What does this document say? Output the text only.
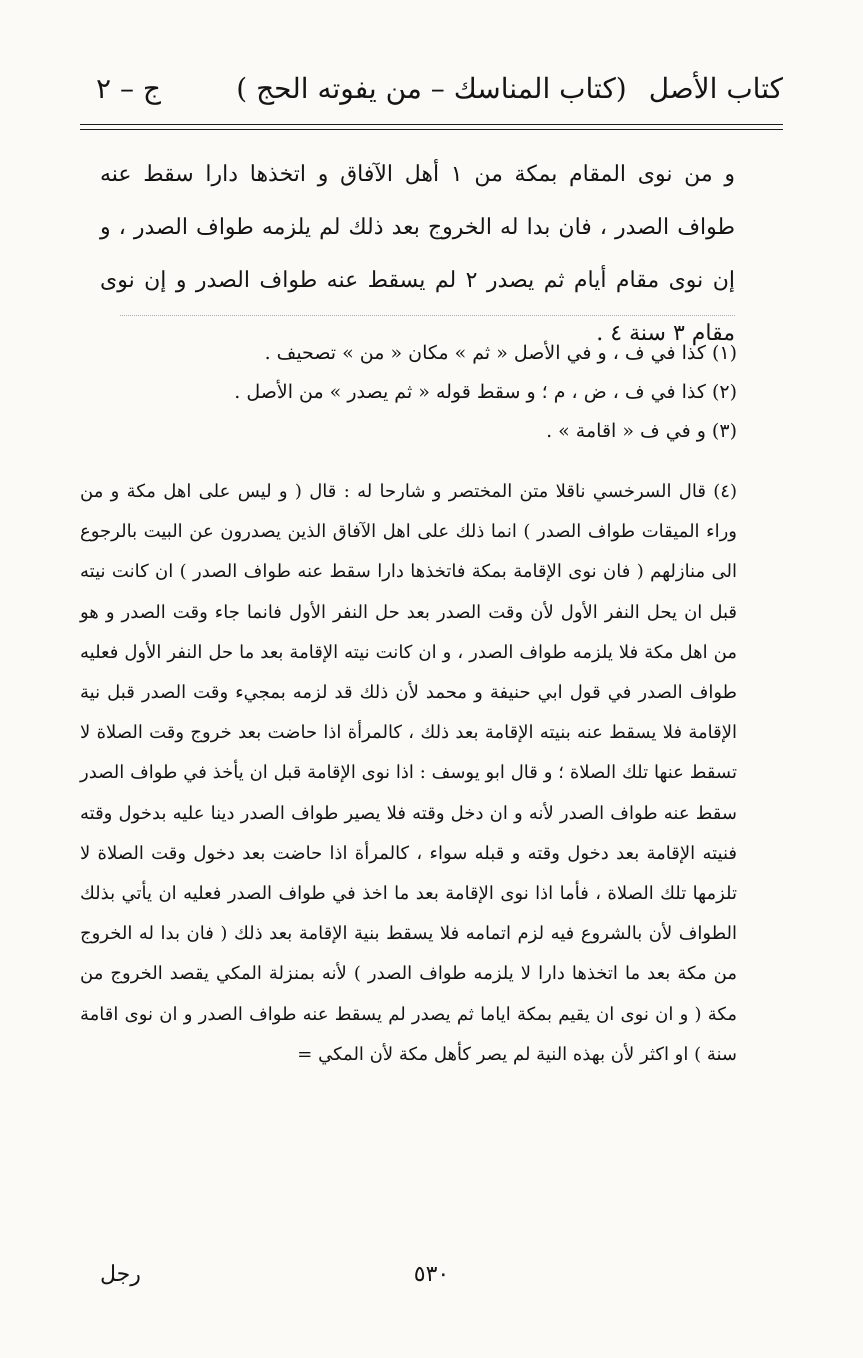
كتاب الأصل
(كتاب المناسك – من يفوته الحج )
ج – ٢

و من نوى المقام بمكة من ١ أهل الآفاق و اتخذها دارا سقط عنه طواف الصدر ، فان بدا له الخروج بعد ذلك لم يلزمه طواف الصدر ، و إن نوى مقام أيام ثم يصدر ٢ لم يسقط عنه طواف الصدر و إن نوى مقام ٣ سنة ٤ .

(١) كذا في ف ، و في الأصل « ثم » مكان « من » تصحيف .

(٢) كذا في ف ، ض ، م ؛ و سقط قوله « ثم يصدر » من الأصل .

(٣) و في ف « اقامة » .

(٤) قال السرخسي ناقلا متن المختصر و شارحا له : قال ( و ليس على اهل مكة و من وراء الميقات طواف الصدر ) انما ذلك على اهل الآفاق الذين يصدرون عن البيت بالرجوع الى منازلهم ( فان نوى الإقامة بمكة فاتخذها دارا سقط عنه طواف الصدر ) ان كانت نيته قبل ان يحل النفر الأول لأن وقت الصدر بعد حل النفر الأول فانما جاء وقت الصدر و هو من اهل مكة فلا يلزمه طواف الصدر ، و ان كانت نيته الإقامة بعد ما حل النفر الأول فعليه طواف الصدر في قول ابي حنيفة و محمد لأن ذلك قد لزمه بمجيء وقت الصدر قبل نية الإقامة فلا يسقط عنه بنيته الإقامة بعد ذلك ، كالمرأة اذا حاضت بعد خروج وقت الصلاة لا تسقط عنها تلك الصلاة ؛ و قال ابو يوسف : اذا نوى الإقامة قبل ان يأخذ في طواف الصدر سقط عنه طواف الصدر لأنه و ان دخل وقته فلا يصير طواف الصدر دينا عليه بدخول وقته فنيته الإقامة بعد دخول وقته و قبله سواء ، كالمرأة اذا حاضت بعد دخول وقت الصلاة لا تلزمها تلك الصلاة ، فأما اذا نوى الإقامة بعد ما اخذ في طواف الصدر فعليه ان يأتي بذلك الطواف لأن بالشروع فيه لزم اتمامه فلا يسقط بنية الإقامة بعد ذلك ( فان بدا له الخروج من مكة بعد ما اتخذها دارا لا يلزمه طواف الصدر ) لأنه بمنزلة المكي يقصد الخروج من مكة ( و ان نوى ان يقيم بمكة اياما ثم يصدر لم يسقط عنه طواف الصدر و ان نوى اقامة سنة ) او اكثر لأن بهذه النية لم يصر كأهل مكة لأن المكي =

٥٣٠
رجل
